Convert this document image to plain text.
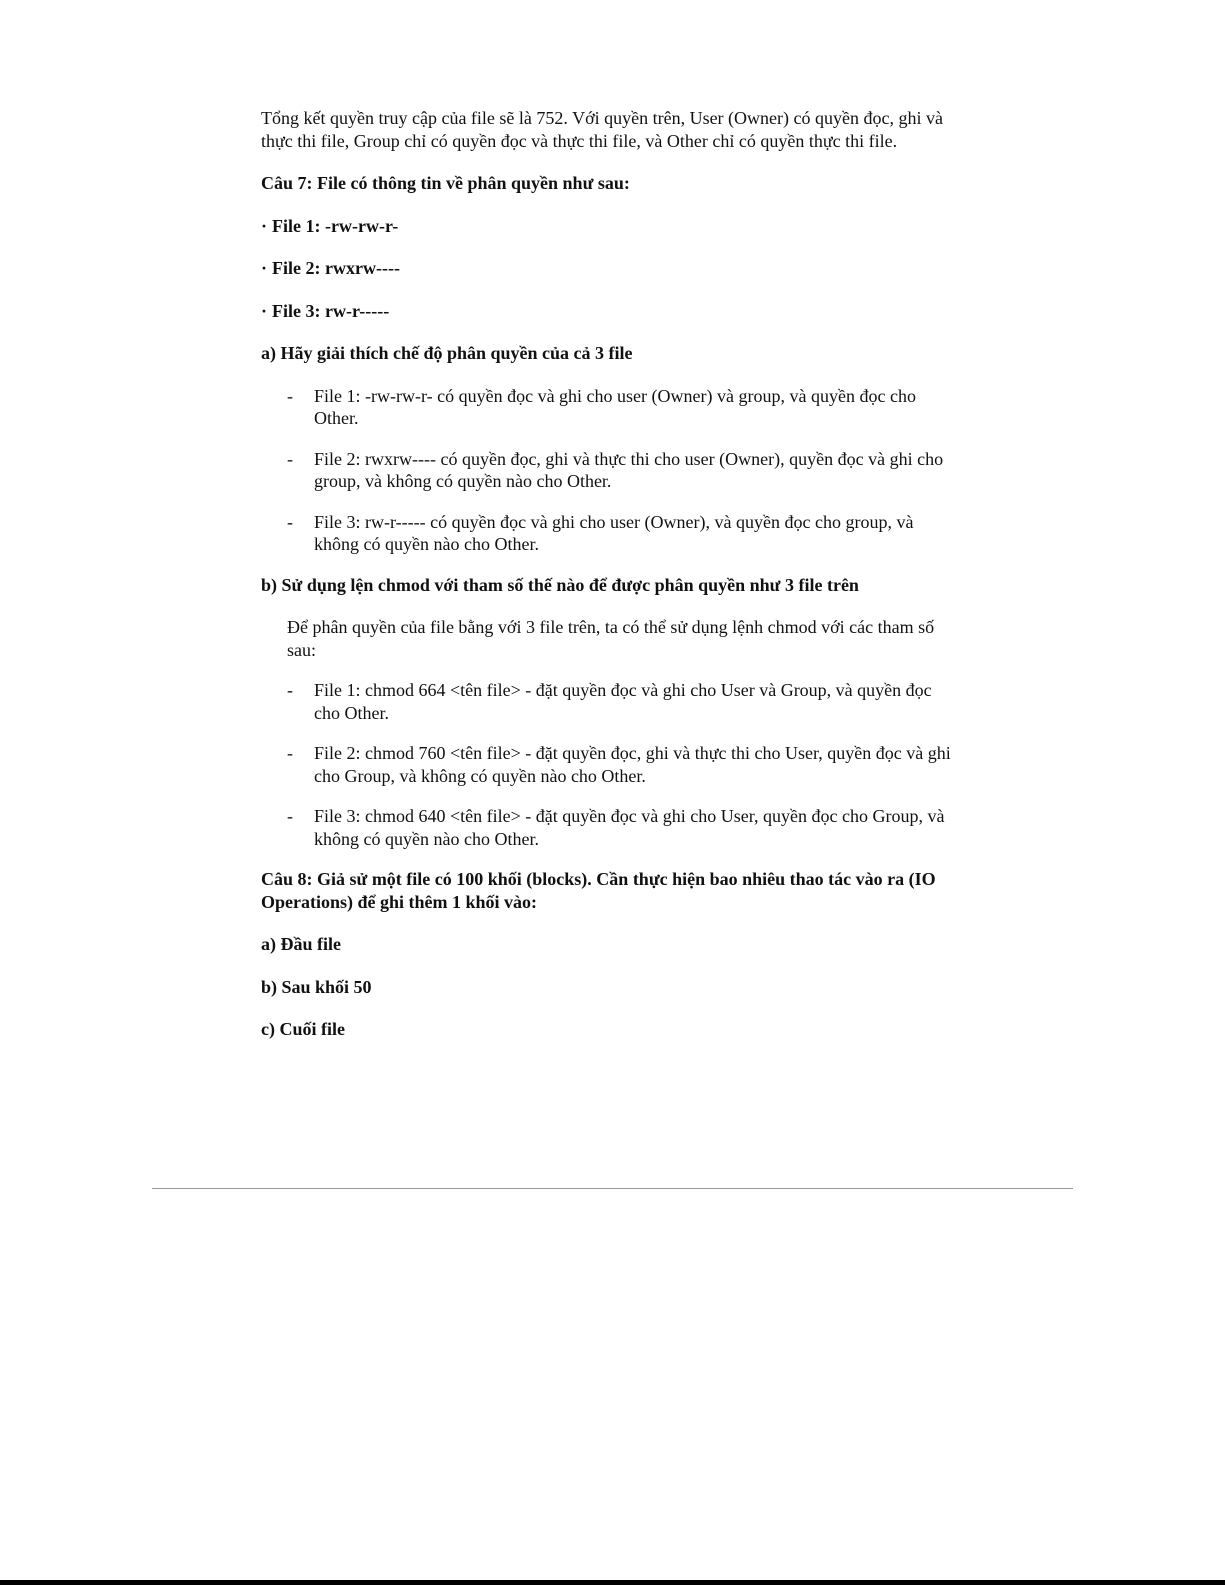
Tổng kết quyền truy cập của file sẽ là 752. Với quyền trên, User (Owner) có quyền đọc, ghi và thực thi file, Group chỉ có quyền đọc và thực thi file, và Other chỉ có quyền thực thi file.

Câu 7: File có thông tin về phân quyền như sau:

· File 1: -rw-rw-r-

· File 2: rwxrw----

· File 3: rw-r-----

a) Hãy giải thích chế độ phân quyền của cả 3 file

- File 1: -rw-rw-r- có quyền đọc và ghi cho user (Owner) và group, và quyền đọc cho Other.
- File 2: rwxrw---- có quyền đọc, ghi và thực thi cho user (Owner), quyền đọc và ghi cho group, và không có quyền nào cho Other.
- File 3: rw-r----- có quyền đọc và ghi cho user (Owner), và quyền đọc cho group, và không có quyền nào cho Other.

b) Sử dụng lện chmod với tham số thế nào để được phân quyền như 3 file trên

Để phân quyền của file bằng với 3 file trên, ta có thể sử dụng lệnh chmod với các tham số sau:

- File 1: chmod 664 <tên file> - đặt quyền đọc và ghi cho User và Group, và quyền đọc cho Other.
- File 2: chmod 760 <tên file> - đặt quyền đọc, ghi và thực thi cho User, quyền đọc và ghi cho Group, và không có quyền nào cho Other.
- File 3: chmod 640 <tên file> - đặt quyền đọc và ghi cho User, quyền đọc cho Group, và không có quyền nào cho Other.

Câu 8: Giả sử một file có 100 khối (blocks). Cần thực hiện bao nhiêu thao tác vào ra (IO Operations) để ghi thêm 1 khối vào:

a) Đầu file

b) Sau khối 50

c) Cuối file
